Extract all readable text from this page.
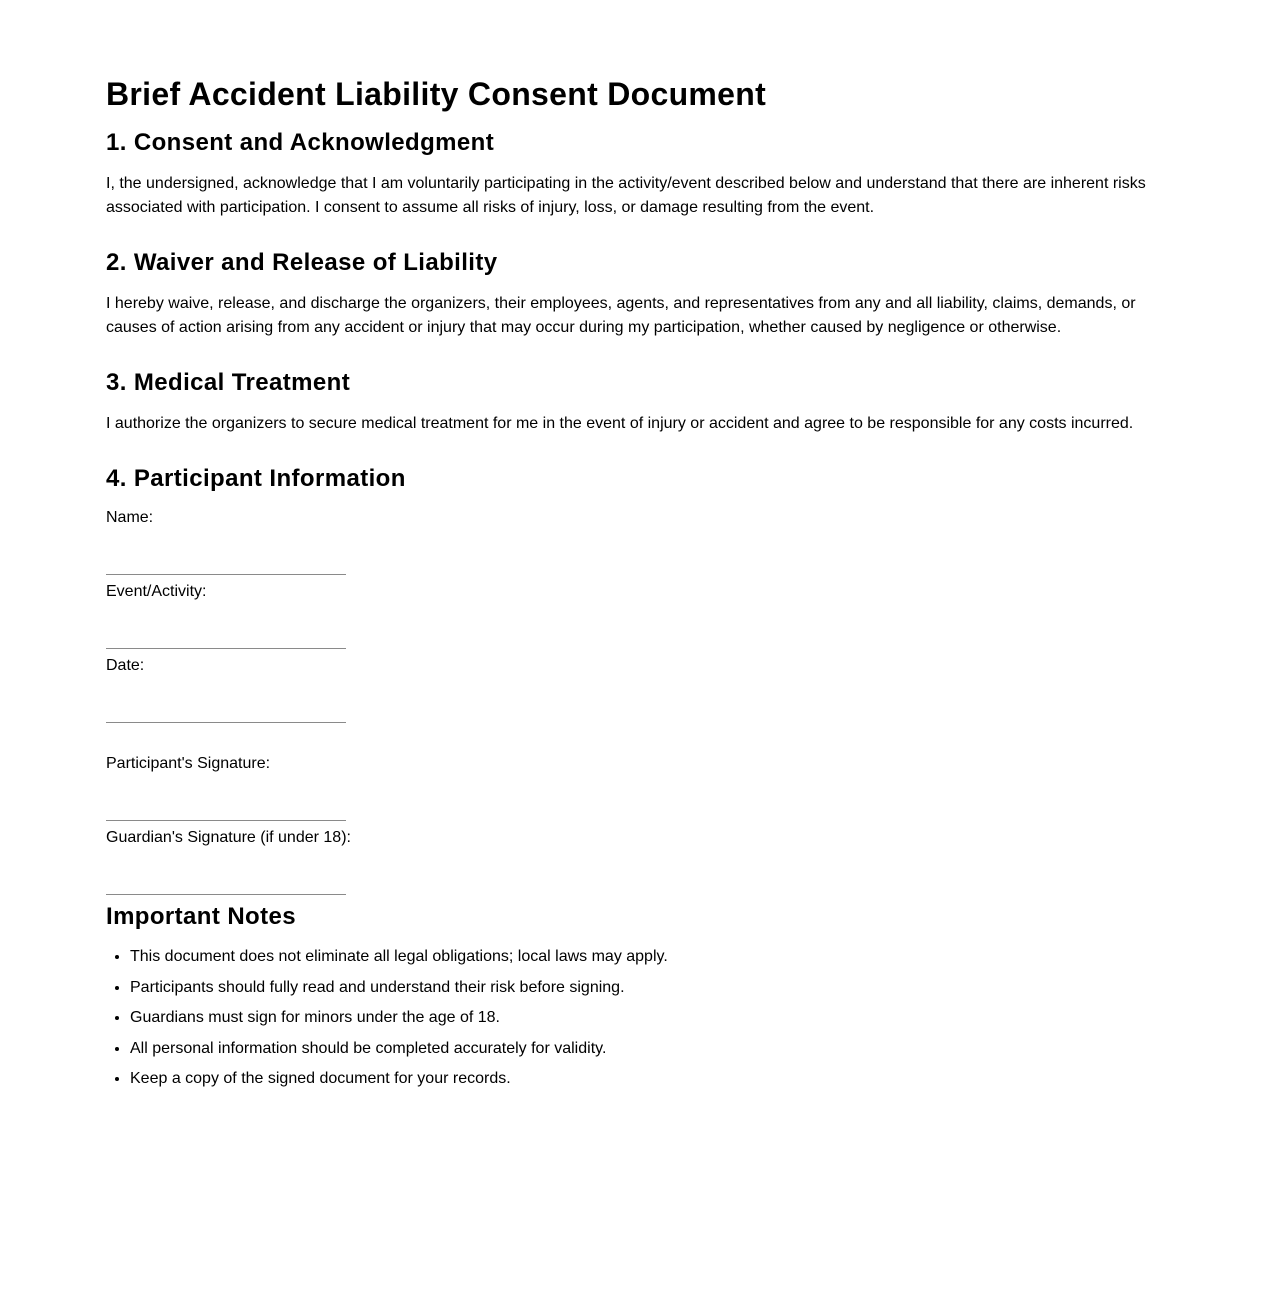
Brief Accident Liability Consent Document
1. Consent and Acknowledgment

I, the undersigned, acknowledge that I am voluntarily participating in the activity/event described below and understand that there are inherent risks associated with participation. I consent to assume all risks of injury, loss, or damage resulting from the event.

2. Waiver and Release of Liability

I hereby waive, release, and discharge the organizers, their employees, agents, and representatives from any and all liability, claims, demands, or causes of action arising from any accident or injury that may occur during my participation, whether caused by negligence or otherwise.

3. Medical Treatment

I authorize the organizers to secure medical treatment for me in the event of injury or accident and agree to be responsible for any costs incurred.

4. Participant Information
Name:
Event/Activity:
Date:
Participant's Signature:
Guardian's Signature (if under 18):
Important Notes
• This document does not eliminate all legal obligations; local laws may apply.
• Participants should fully read and understand their risk before signing.
• Guardians must sign for minors under the age of 18.
• All personal information should be completed accurately for validity.
• Keep a copy of the signed document for your records.
